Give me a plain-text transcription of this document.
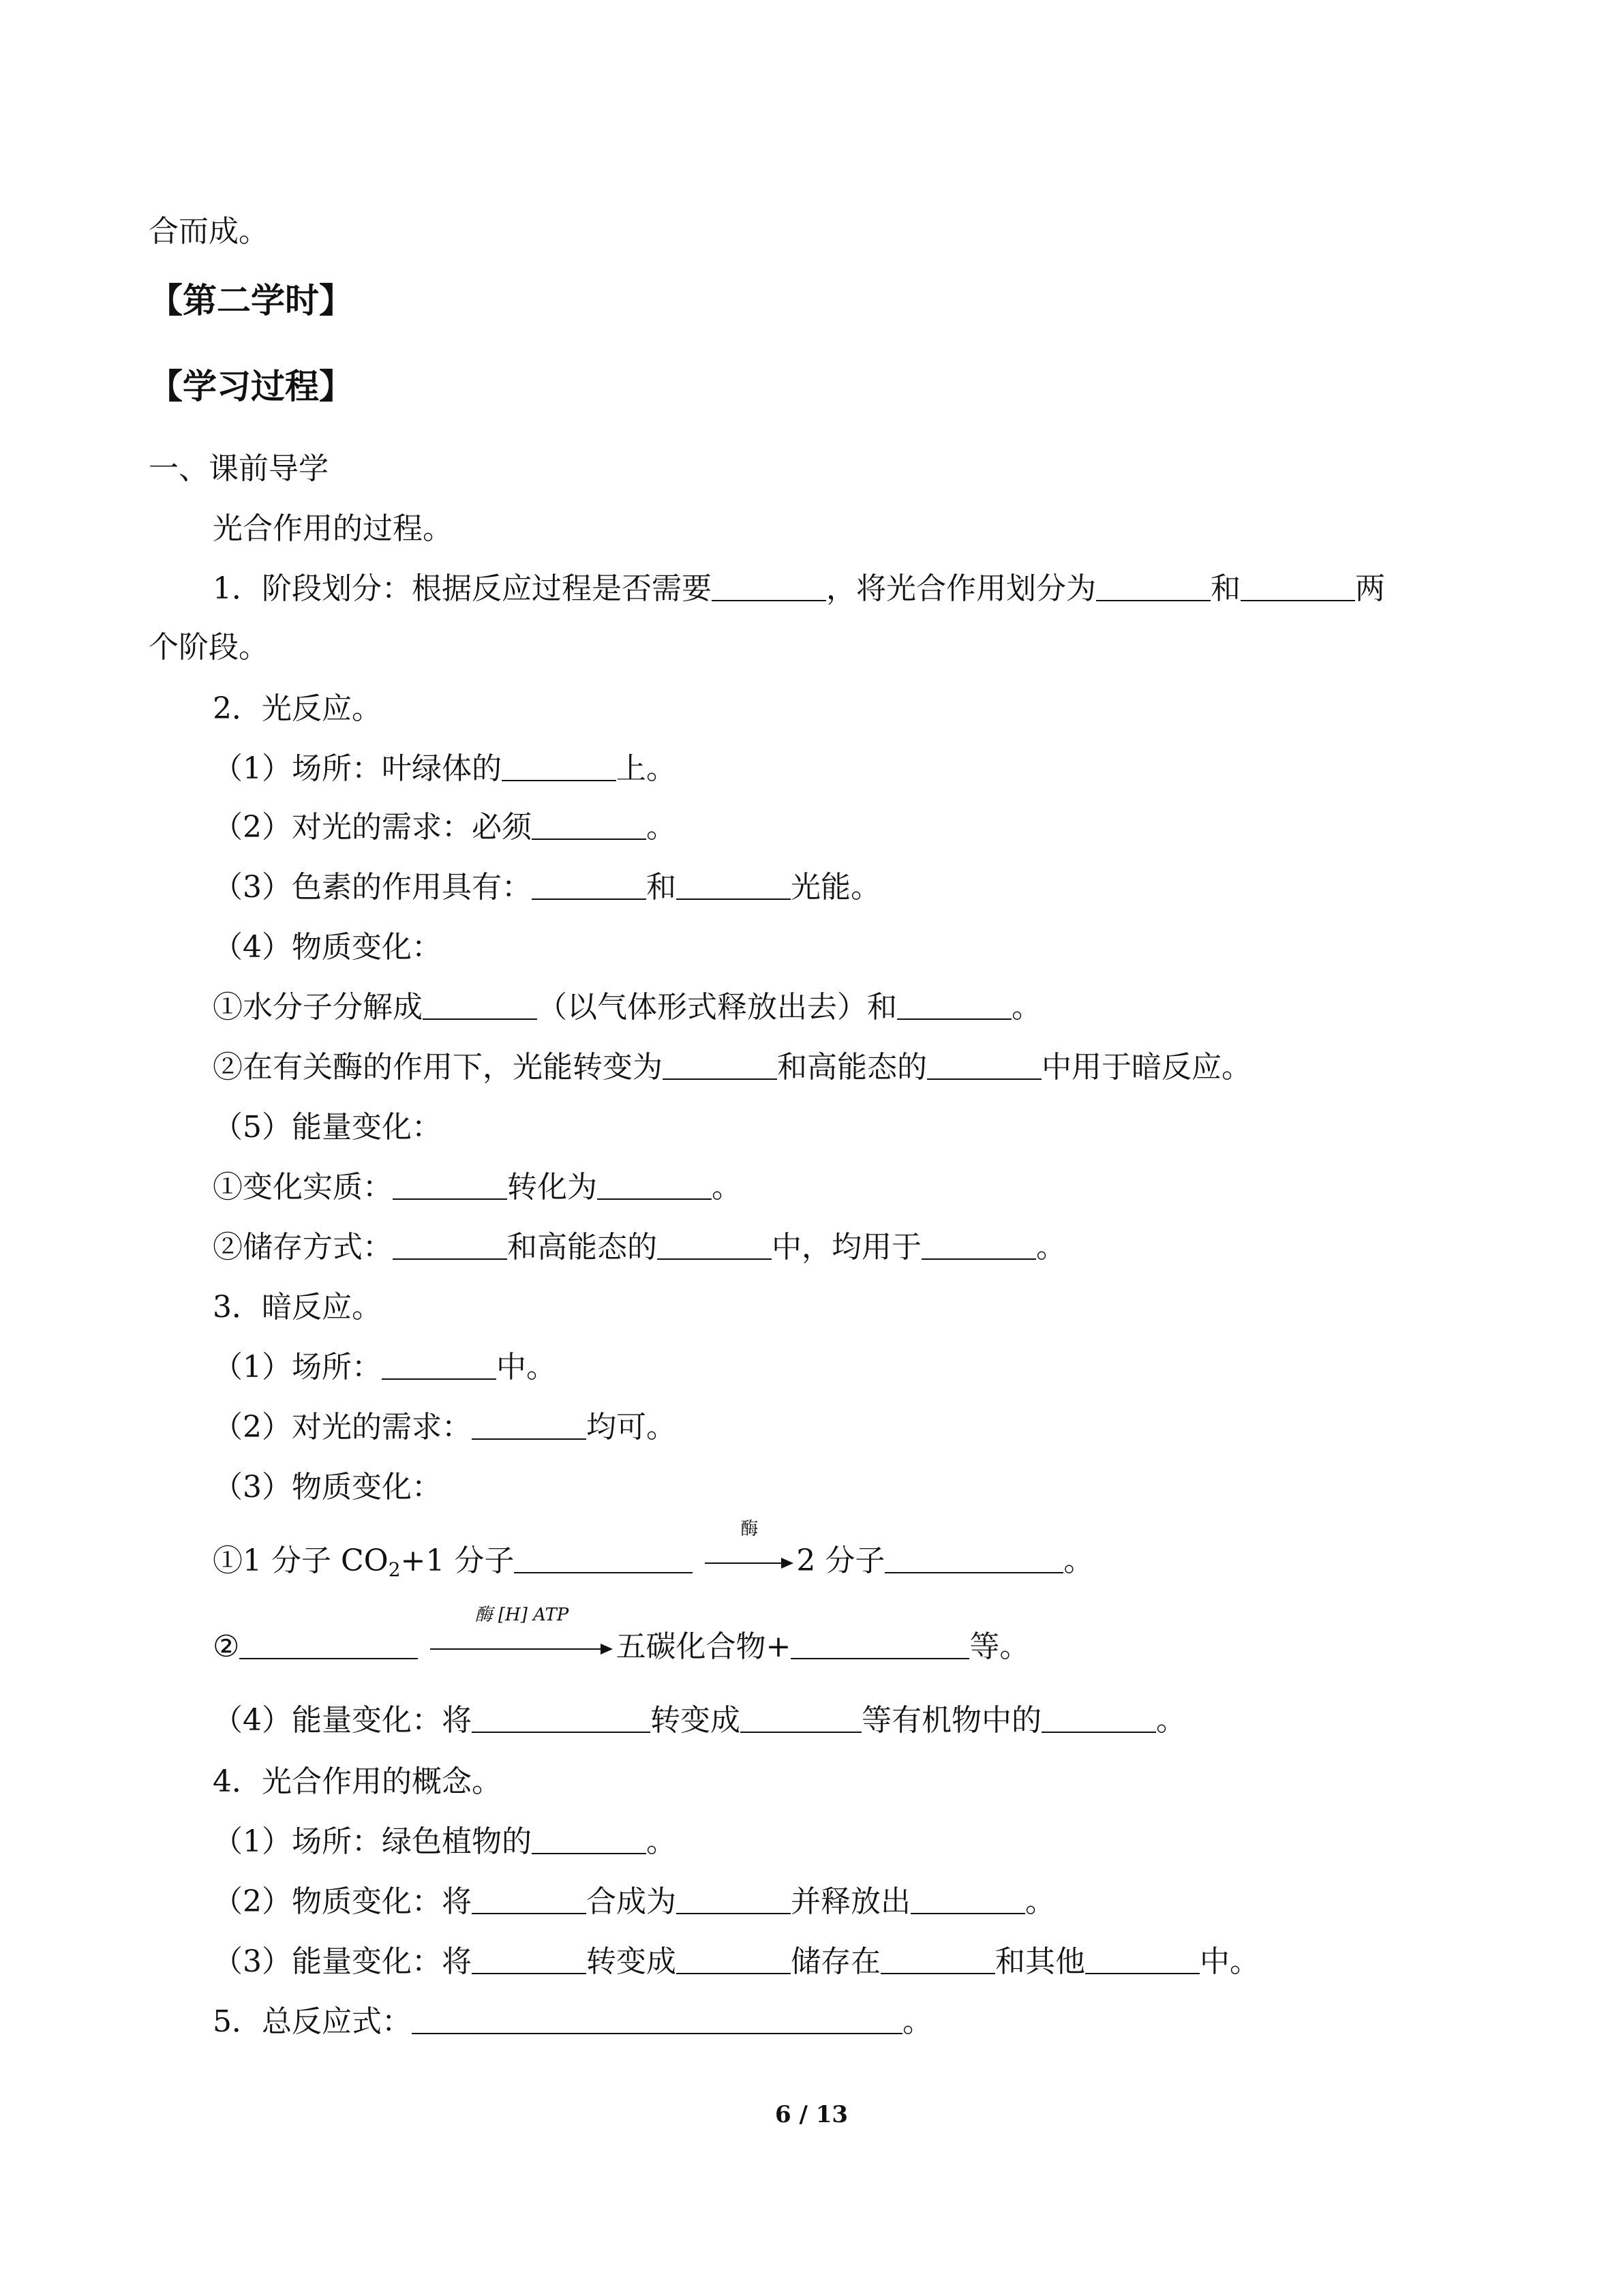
合而成。
【第二学时】
【学习过程】
一、课前导学
光合作用的过程。
1．阶段划分：根据反应过程是否需要	，将光合作用划分为	和	两
个阶段。
2．光反应。
（1）场所：叶绿体的	上。
（2）对光的需求：必须	。
（3）色素的作用具有：	和	光能。
（4）物质变化：
①水分子分解成	（以气体形式释放出去）和	。
②在有关酶的作用下，光能转变为	和高能态的	中用于暗反应。
（5）能量变化：
①变化实质：	转化为	。
②储存方式：	和高能态的	中，均用于	。
3．暗反应。
（1）场所：	中。
（2）对光的需求：	均可。
（3）物质变化：
①1 分子 $CO_2+1$ 分子
酶
2 分子	。
②
酶 [H] ATP
五碳化合物+	等。
（4）能量变化：将	转变成	等有机物中的	。
4．光合作用的概念。
（1）场所：绿色植物的	。
（2）物质变化：将	合成为	并释放出	。
（3）能量变化：将	转变成	储存在	和其他	中。
5．总反应式：	。
6 / 13
